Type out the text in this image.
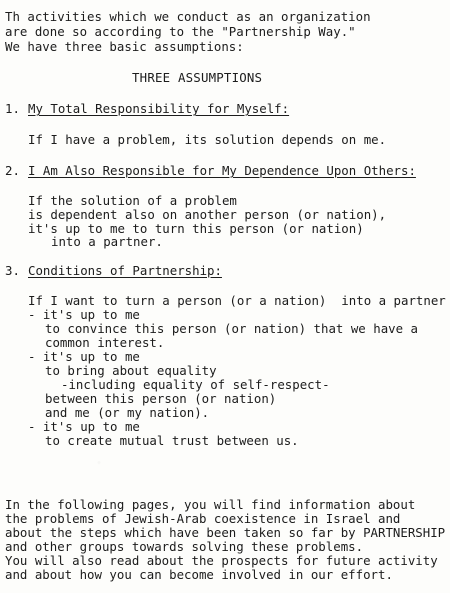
Th activities which we conduct as an organization
are done so according to the "Partnership Way."
We have three basic assumptions:
THREE ASSUMPTIONS
1. My Total Responsibility for Myself:
If I have a problem, its solution depends on me.
2. I Am Also Responsible for My Dependence Upon Others:
If the solution of a problem
is dependent also on another person (or nation),
it's up to me to turn this person (or nation)
into a partner.
3. Conditions of Partnership:
If I want to turn a person (or a nation)  into a partner
- it's up to me
to convince this person (or nation) that we have a
common interest.
- it's up to me
to bring about equality
-including equality of self-respect-
between this person (or nation)
and me (or my nation).
- it's up to me
to create mutual trust between us.
In the following pages, you will find information about
the problems of Jewish-Arab coexistence in Israel and
about the steps which have been taken so far by PARTNERSHIP
and other groups towards solving these problems.
You will also read about the prospects for future activity
and about how you can become involved in our effort.
